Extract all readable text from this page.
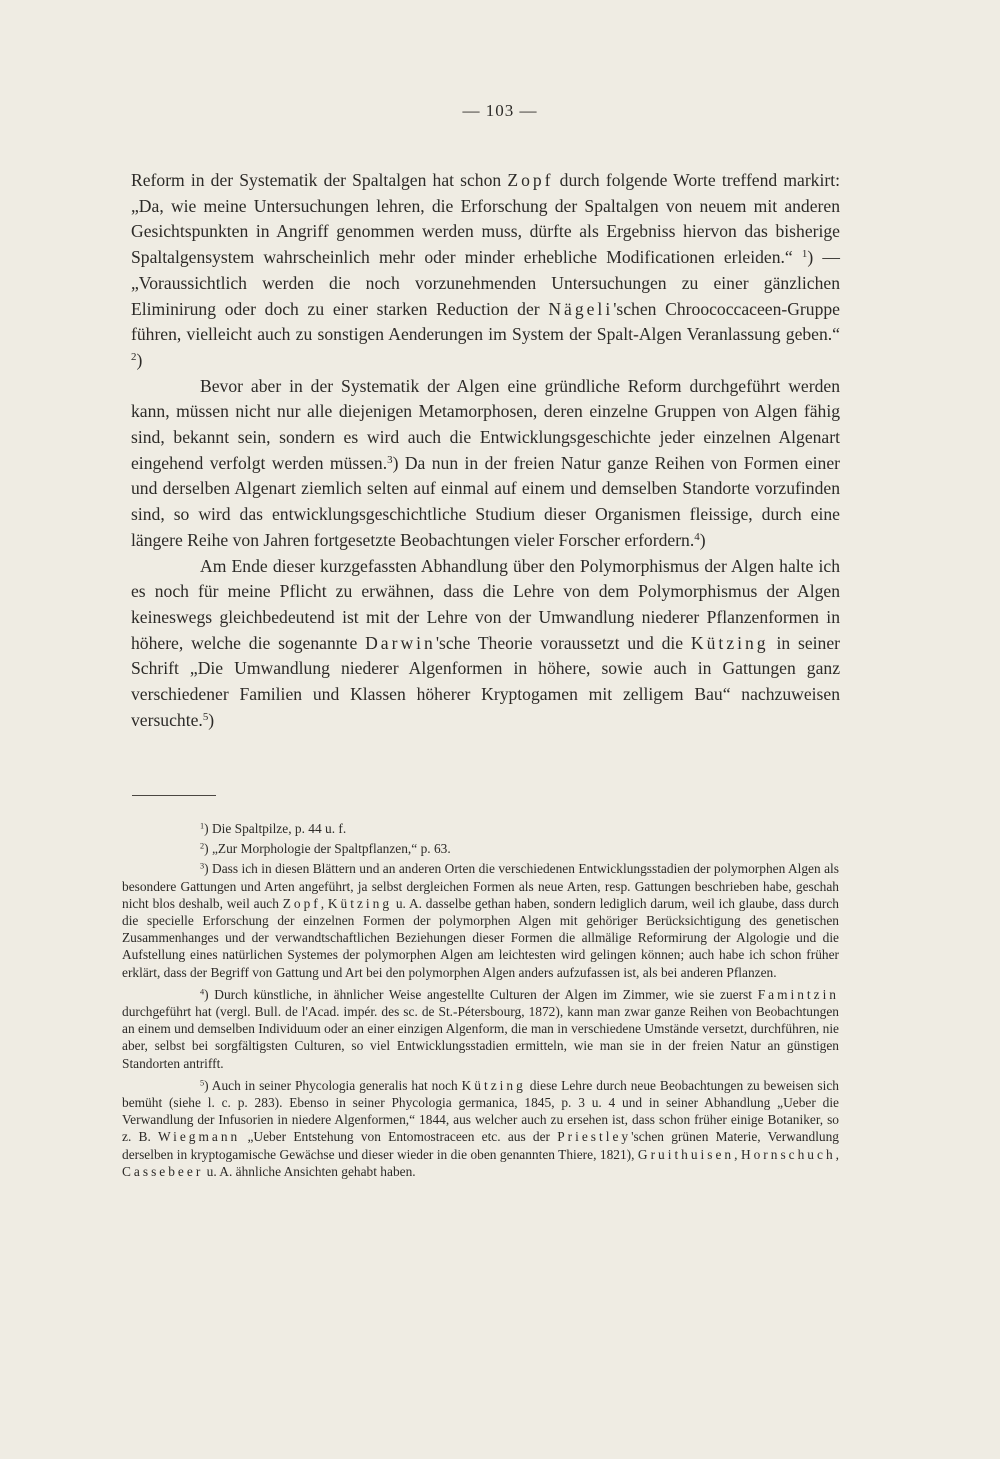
— 103 —

Reform in der Systematik der Spaltalgen hat schon Zopf durch folgende Worte treffend markirt: „Da, wie meine Untersuchungen lehren, die Erforschung der Spaltalgen von neuem mit anderen Gesichtspunkten in Angriff genommen werden muss, dürfte als Ergebniss hiervon das bisherige Spaltalgensystem wahrscheinlich mehr oder minder erhebliche Modificationen erleiden.“ $^1$) — „Voraussichtlich werden die noch vorzunehmenden Untersuchungen zu einer gänzlichen Eliminirung oder doch zu einer starken Reduction der Nägeli'schen Chroococcaceen-Gruppe führen, vielleicht auch zu sonstigen Aenderungen im System der Spalt-Algen Veranlassung geben.“ $^2$)

Bevor aber in der Systematik der Algen eine gründliche Reform durchgeführt werden kann, müssen nicht nur alle diejenigen Metamorphosen, deren einzelne Gruppen von Algen fähig sind, bekannt sein, sondern es wird auch die Entwicklungsgeschichte jeder einzelnen Algenart eingehend verfolgt werden müssen.$^3$) Da nun in der freien Natur ganze Reihen von Formen einer und derselben Algenart ziemlich selten auf einmal auf einem und demselben Standorte vorzufinden sind, so wird das entwicklungsgeschichtliche Studium dieser Organismen fleissige, durch eine längere Reihe von Jahren fortgesetzte Beobachtungen vieler Forscher erfordern.$^4$)

Am Ende dieser kurzgefassten Abhandlung über den Polymorphismus der Algen halte ich es noch für meine Pflicht zu erwähnen, dass die Lehre von dem Polymorphismus der Algen keineswegs gleichbedeutend ist mit der Lehre von der Umwandlung niederer Pflanzenformen in höhere, welche die sogenannte Darwin'sche Theorie voraussetzt und die Kützing in seiner Schrift „Die Umwandlung niederer Algenformen in höhere, sowie auch in Gattungen ganz verschiedener Familien und Klassen höherer Kryptogamen mit zelligem Bau“ nachzuweisen versuchte.$^5$)

$^1$) Die Spaltpilze, p. 44 u. f.

$^2$) „Zur Morphologie der Spaltpflanzen,“ p. 63.

$^3$) Dass ich in diesen Blättern und an anderen Orten die verschiedenen Entwicklungsstadien der polymorphen Algen als besondere Gattungen und Arten angeführt, ja selbst dergleichen Formen als neue Arten, resp. Gattungen beschrieben habe, geschah nicht blos deshalb, weil auch Zopf, Kützing u. A. dasselbe gethan haben, sondern lediglich darum, weil ich glaube, dass durch die specielle Erforschung der einzelnen Formen der polymorphen Algen mit gehöriger Berücksichtigung des genetischen Zusammenhanges und der verwandtschaftlichen Beziehungen dieser Formen die allmälige Reformirung der Algologie und die Aufstellung eines natürlichen Systemes der polymorphen Algen am leichtesten wird gelingen können; auch habe ich schon früher erklärt, dass der Begriff von Gattung und Art bei den polymorphen Algen anders aufzufassen ist, als bei anderen Pflanzen.

$^4$) Durch künstliche, in ähnlicher Weise angestellte Culturen der Algen im Zimmer, wie sie zuerst Famintzin durchgeführt hat (vergl. Bull. de l'Acad. impér. des sc. de St.-Pétersbourg, 1872), kann man zwar ganze Reihen von Beobachtungen an einem und demselben Individuum oder an einer einzigen Algenform, die man in verschiedene Umstände versetzt, durchführen, nie aber, selbst bei sorgfältigsten Culturen, so viel Entwicklungsstadien ermitteln, wie man sie in der freien Natur an günstigen Standorten antrifft.

$^5$) Auch in seiner Phycologia generalis hat noch Kützing diese Lehre durch neue Beobachtungen zu beweisen sich bemüht (siehe l. c. p. 283). Ebenso in seiner Phycologia germanica, 1845, p. 3 u. 4 und in seiner Abhandlung „Ueber die Verwandlung der Infusorien in niedere Algenformen,“ 1844, aus welcher auch zu ersehen ist, dass schon früher einige Botaniker, so z. B. Wiegmann „Ueber Entstehung von Entomostraceen etc. aus der Priestley'schen grünen Materie, Verwandlung derselben in kryptogamische Gewächse und dieser wieder in die oben genannten Thiere, 1821), Gruithuisen, Hornschuch, Cassebeer u. A. ähnliche Ansichten gehabt haben.
